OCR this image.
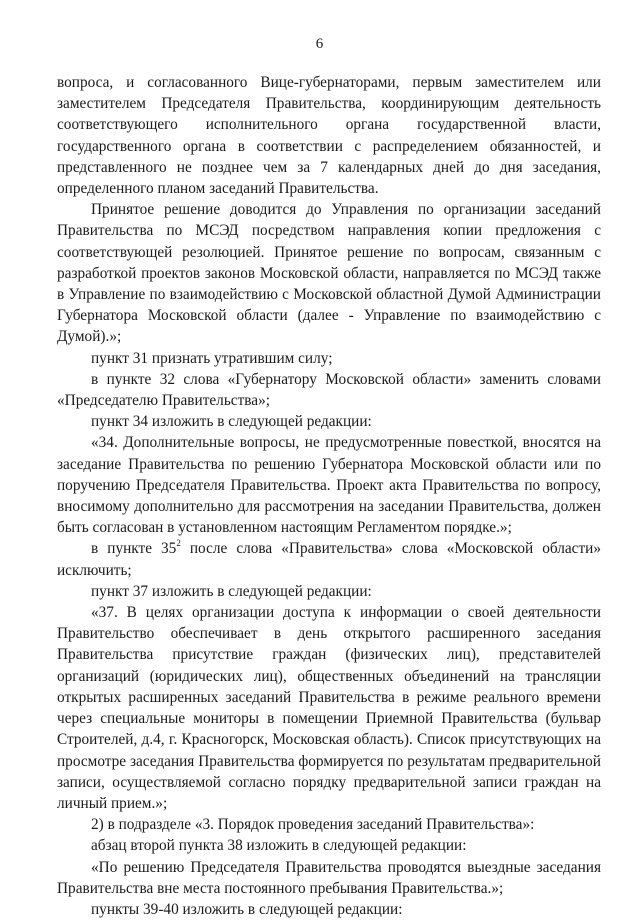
6

вопроса, и согласованного Вице-губернаторами, первым заместителем или заместителем Председателя Правительства, координирующим деятельность соответствующего исполнительного органа государственной власти, государственного органа в соответствии с распределением обязанностей, и представленного не позднее чем за 7 календарных дней до дня заседания, определенного планом заседаний Правительства.

Принятое решение доводится до Управления по организации заседаний Правительства по МСЭД посредством направления копии предложения с соответствующей резолюцией. Принятое решение по вопросам, связанным с разработкой проектов законов Московской области, направляется по МСЭД также в Управление по взаимодействию с Московской областной Думой Администрации Губернатора Московской области (далее - Управление по взаимодействию с Думой).»;

пункт 31 признать утратившим силу;

в пункте 32 слова «Губернатору Московской области» заменить словами «Председателю Правительства»;

пункт 34 изложить в следующей редакции:

«34. Дополнительные вопросы, не предусмотренные повесткой, вносятся на заседание Правительства по решению Губернатора Московской области или по поручению Председателя Правительства. Проект акта Правительства по вопросу, вносимому дополнительно для рассмотрения на заседании Правительства, должен быть согласован в установленном настоящим Регламентом порядке.»;

в пункте $35^2$ после слова «Правительства» слова «Московской области» исключить;

пункт 37 изложить в следующей редакции:

«37. В целях организации доступа к информации о своей деятельности Правительство обеспечивает в день открытого расширенного заседания Правительства присутствие граждан (физических лиц), представителей организаций (юридических лиц), общественных объединений на трансляции открытых расширенных заседаний Правительства в режиме реального времени через специальные мониторы в помещении Приемной Правительства (бульвар Строителей, д.4, г. Красногорск, Московская область). Список присутствующих на просмотре заседания Правительства формируется по результатам предварительной записи, осуществляемой согласно порядку предварительной записи граждан на личный прием.»;

2) в подразделе «3. Порядок проведения заседаний Правительства»:

абзац второй пункта 38 изложить в следующей редакции:

«По решению Председателя Правительства проводятся выездные заседания Правительства вне места постоянного пребывания Правительства.»;

пункты 39-40 изложить в следующей редакции:
